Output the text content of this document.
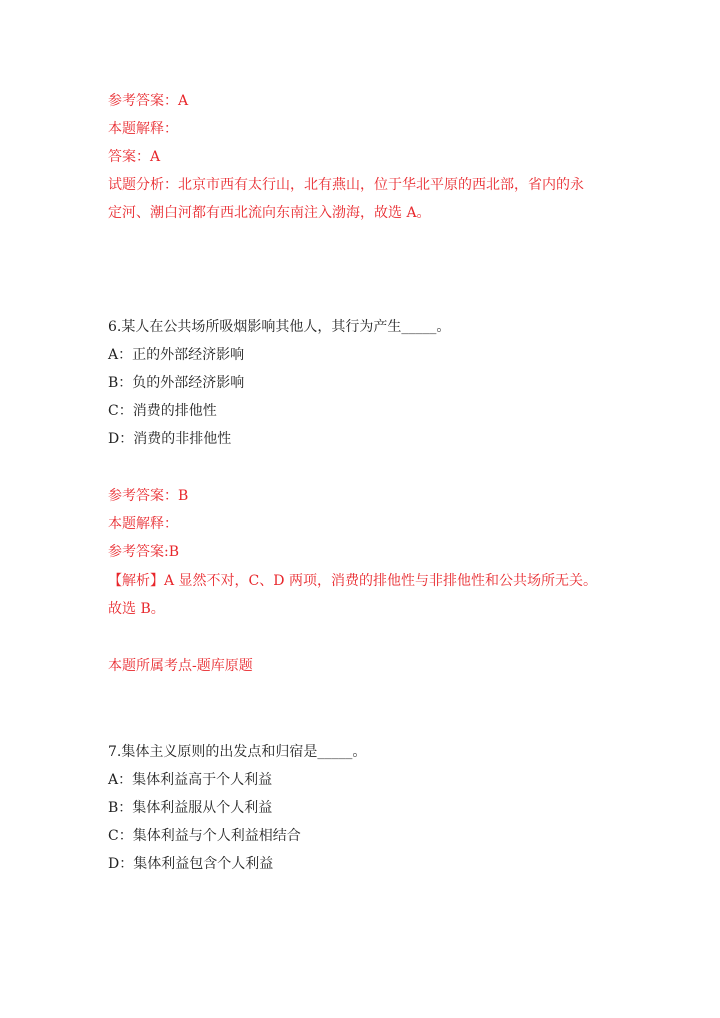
参考答案：A
本题解释：
答案：A
试题分析：北京市西有太行山，北有燕山，位于华北平原的西北部，省内的永
定河、潮白河都有西北流向东南注入渤海，故选 A。
6.某人在公共场所吸烟影响其他人，其行为产生_____。
A：正的外部经济影响
B：负的外部经济影响
C：消费的排他性
D：消费的非排他性
参考答案：B
本题解释：
参考答案:B
【解析】A 显然不对，C、D 两项，消费的排他性与非排他性和公共场所无关。
故选 B。
本题所属考点-题库原题
7.集体主义原则的出发点和归宿是_____。
A：集体利益高于个人利益
B：集体利益服从个人利益
C：集体利益与个人利益相结合
D：集体利益包含个人利益
